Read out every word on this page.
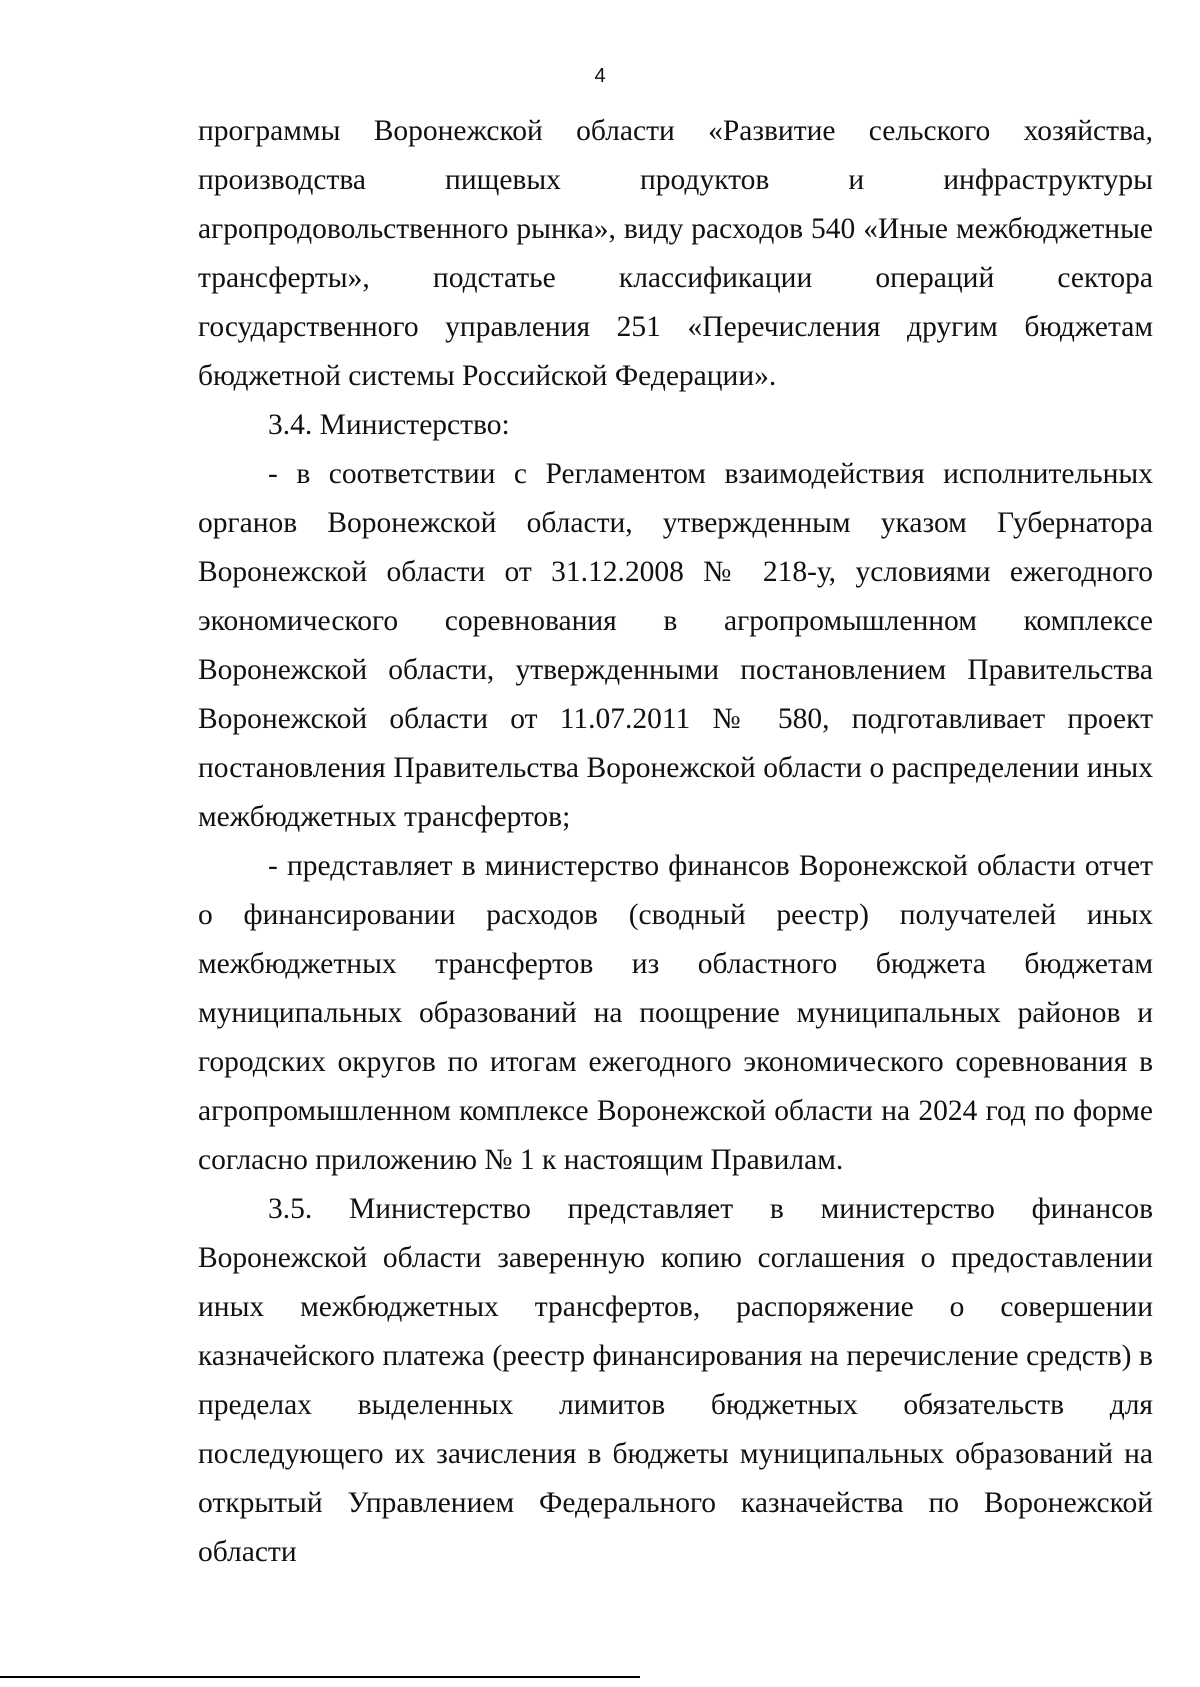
4

программы Воронежской области «Развитие сельского хозяйства, производства пищевых продуктов и инфраструктуры агропродовольственного рынка», виду расходов 540 «Иные межбюджетные трансферты», подстатье классификации операций сектора государственного управления 251 «Перечисления другим бюджетам бюджетной системы Российской Федерации».

3.4. Министерство:

- в соответствии с Регламентом взаимодействия исполнительных органов Воронежской области, утвержденным указом Губернатора Воронежской области от 31.12.2008 № 218-у, условиями ежегодного экономического соревнования в агропромышленном комплексе Воронежской области, утвержденными постановлением Правительства Воронежской области от 11.07.2011 № 580, подготавливает проект постановления Правительства Воронежской области о распределении иных межбюджетных трансфертов;

- представляет в министерство финансов Воронежской области отчет о финансировании расходов (сводный реестр) получателей иных межбюджетных трансфертов из областного бюджета бюджетам муниципальных образований на поощрение муниципальных районов и городских округов по итогам ежегодного экономического соревнования в агропромышленном комплексе Воронежской области на 2024 год по форме согласно приложению № 1 к настоящим Правилам.

3.5. Министерство представляет в министерство финансов Воронежской области заверенную копию соглашения о предоставлении иных межбюджетных трансфертов, распоряжение о совершении казначейского платежа (реестр финансирования на перечисление средств) в пределах выделенных лимитов бюджетных обязательств для последующего их зачисления в бюджеты муниципальных образований на открытый Управлением Федерального казначейства по Воронежской области
